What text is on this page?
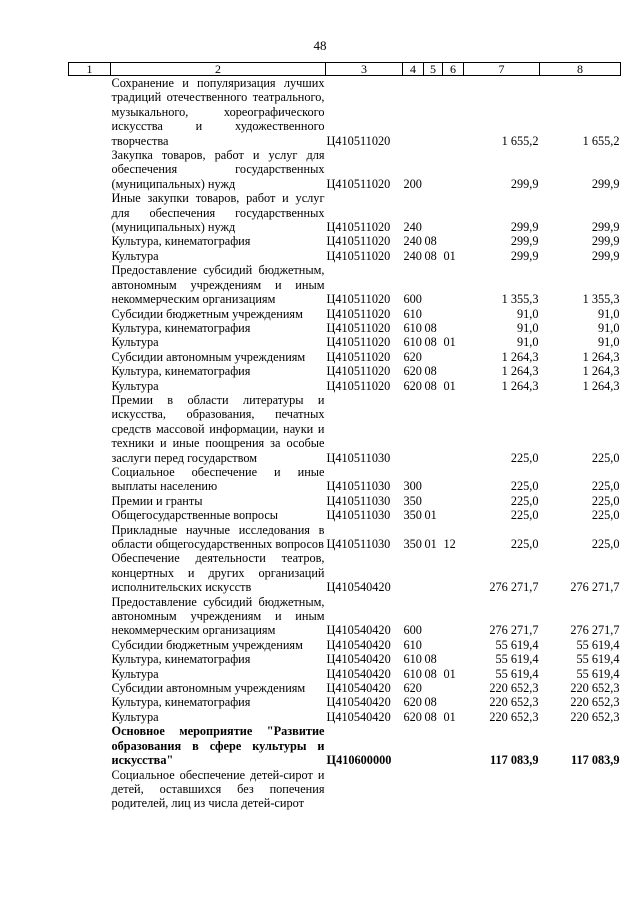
48
1	2	3	4	5	6	7	8
	Сохранение и популяризация лучших традиций отечественного театрального, музыкального, хореографического искусства и художественного творчества	Ц410511020				1 655,2	1 655,2
	Закупка товаров, работ и услуг для обеспечения государственных (муниципальных) нужд	Ц410511020	200			299,9	299,9
	Иные закупки товаров, работ и услуг для обеспечения государственных (муниципальных) нужд	Ц410511020	240			299,9	299,9
	Культура, кинематография	Ц410511020	240	08		299,9	299,9
	Культура	Ц410511020	240	08	01	299,9	299,9
	Предоставление субсидий бюджетным, автономным учреждениям и иным некоммерческим организациям	Ц410511020	600			1 355,3	1 355,3
	Субсидии бюджетным учреждениям	Ц410511020	610			91,0	91,0
	Культура, кинематография	Ц410511020	610	08		91,0	91,0
	Культура	Ц410511020	610	08	01	91,0	91,0
	Субсидии автономным учреждениям	Ц410511020	620			1 264,3	1 264,3
	Культура, кинематография	Ц410511020	620	08		1 264,3	1 264,3
	Культура	Ц410511020	620	08	01	1 264,3	1 264,3
	Премии в области литературы и искусства, образования, печатных средств массовой информации, науки и техники и иные поощрения за особые заслуги перед государством	Ц410511030				225,0	225,0
	Социальное обеспечение и иные выплаты населению	Ц410511030	300			225,0	225,0
	Премии и гранты	Ц410511030	350			225,0	225,0
	Общегосударственные вопросы	Ц410511030	350	01		225,0	225,0
	Прикладные научные исследования в области общегосударственных вопросов	Ц410511030	350	01	12	225,0	225,0
	Обеспечение деятельности театров, концертных и других организаций исполнительских искусств	Ц410540420				276 271,7	276 271,7
	Предоставление субсидий бюджетным, автономным учреждениям и иным некоммерческим организациям	Ц410540420	600			276 271,7	276 271,7
	Субсидии бюджетным учреждениям	Ц410540420	610			55 619,4	55 619,4
	Культура, кинематография	Ц410540420	610	08		55 619,4	55 619,4
	Культура	Ц410540420	610	08	01	55 619,4	55 619,4
	Субсидии автономным учреждениям	Ц410540420	620			220 652,3	220 652,3
	Культура, кинематография	Ц410540420	620	08		220 652,3	220 652,3
	Культура	Ц410540420	620	08	01	220 652,3	220 652,3
	Основное мероприятие "Развитие образования в сфере культуры и искусства"	Ц410600000				117 083,9	117 083,9
	Социальное обеспечение детей-сирот и детей, оставшихся без попечения родителей, лиц из числа детей-сирот						
